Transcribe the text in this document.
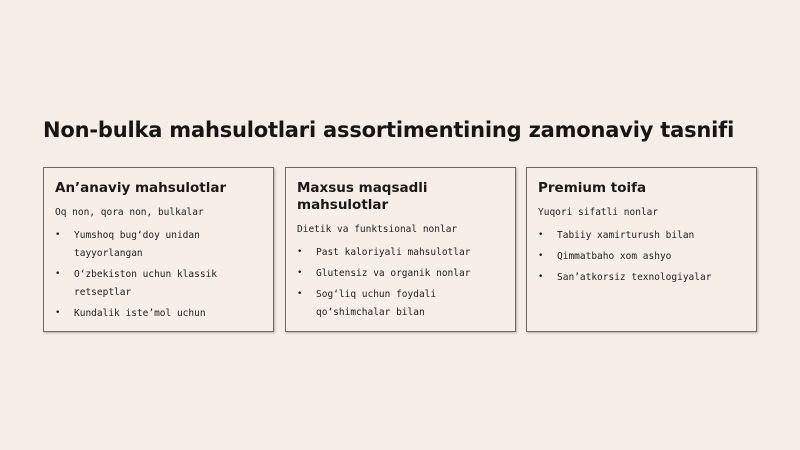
Non-bulka mahsulotlari assortimentining zamonaviy tasnifi
An’anaviy mahsulotlar

Oq non, qora non, bulkalar

• Yumshoq bug‘doy unidan tayyorlangan
• O‘zbekiston uchun klassik retseptlar
• Kundalik iste’mol uchun
Maxsus maqsadli mahsulotlar

Dietik va funktsional nonlar

• Past kaloriyali mahsulotlar
• Glutensiz va organik nonlar
• Sog‘liq uchun foydali qo‘shimchalar bilan
Premium toifa

Yuqori sifatli nonlar

• Tabiiy xamirturush bilan
• Qimmatbaho xom ashyo
• San’atkorsiz texnologiyalar
